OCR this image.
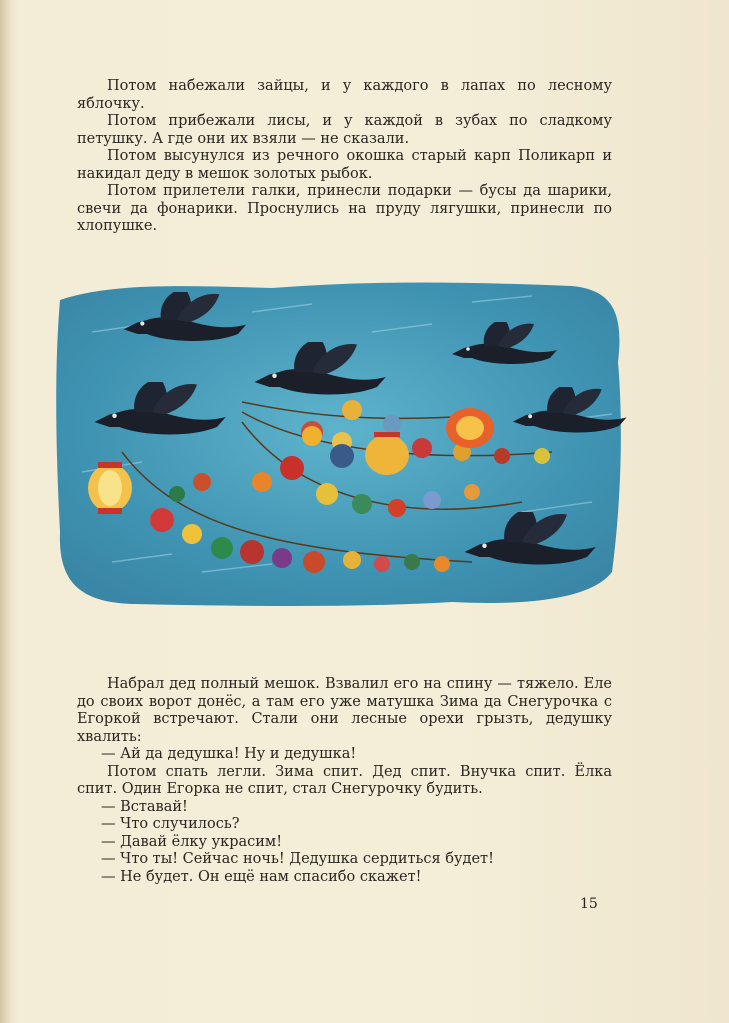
Потом набежали зайцы, и у каждого в лапах по лесному яблочку.

Потом прибежали лисы, и у каждой в зубах по сладкому петушку. А где они их взяли — не сказали.

Потом высунулся из речного окошка старый карп Поликарп и накидал деду в мешок золотых рыбок.

Потом прилетели галки, принесли подарки — бусы да шарики, свечи да фонарики. Проснулись на пруду лягушки, принесли по хлопушке.

Набрал дед полный мешок. Взвалил его на спину — тяжело. Еле до своих ворот донёс, а там его уже матушка Зима да Снегурочка с Егоркой встречают. Стали они лесные орехи грызть, дедушку хвалить:

— Ай да дедушка! Ну и дедушка!

Потом спать легли. Зима спит. Дед спит. Внучка спит. Ёлка спит. Один Егорка не спит, стал Снегурочку будить.

— Вставай!

— Что случилось?

— Давай ёлку украсим!

— Что ты! Сейчас ночь! Дедушка сердиться будет!

— Не будет. Он ещё нам спасибо скажет!

15
